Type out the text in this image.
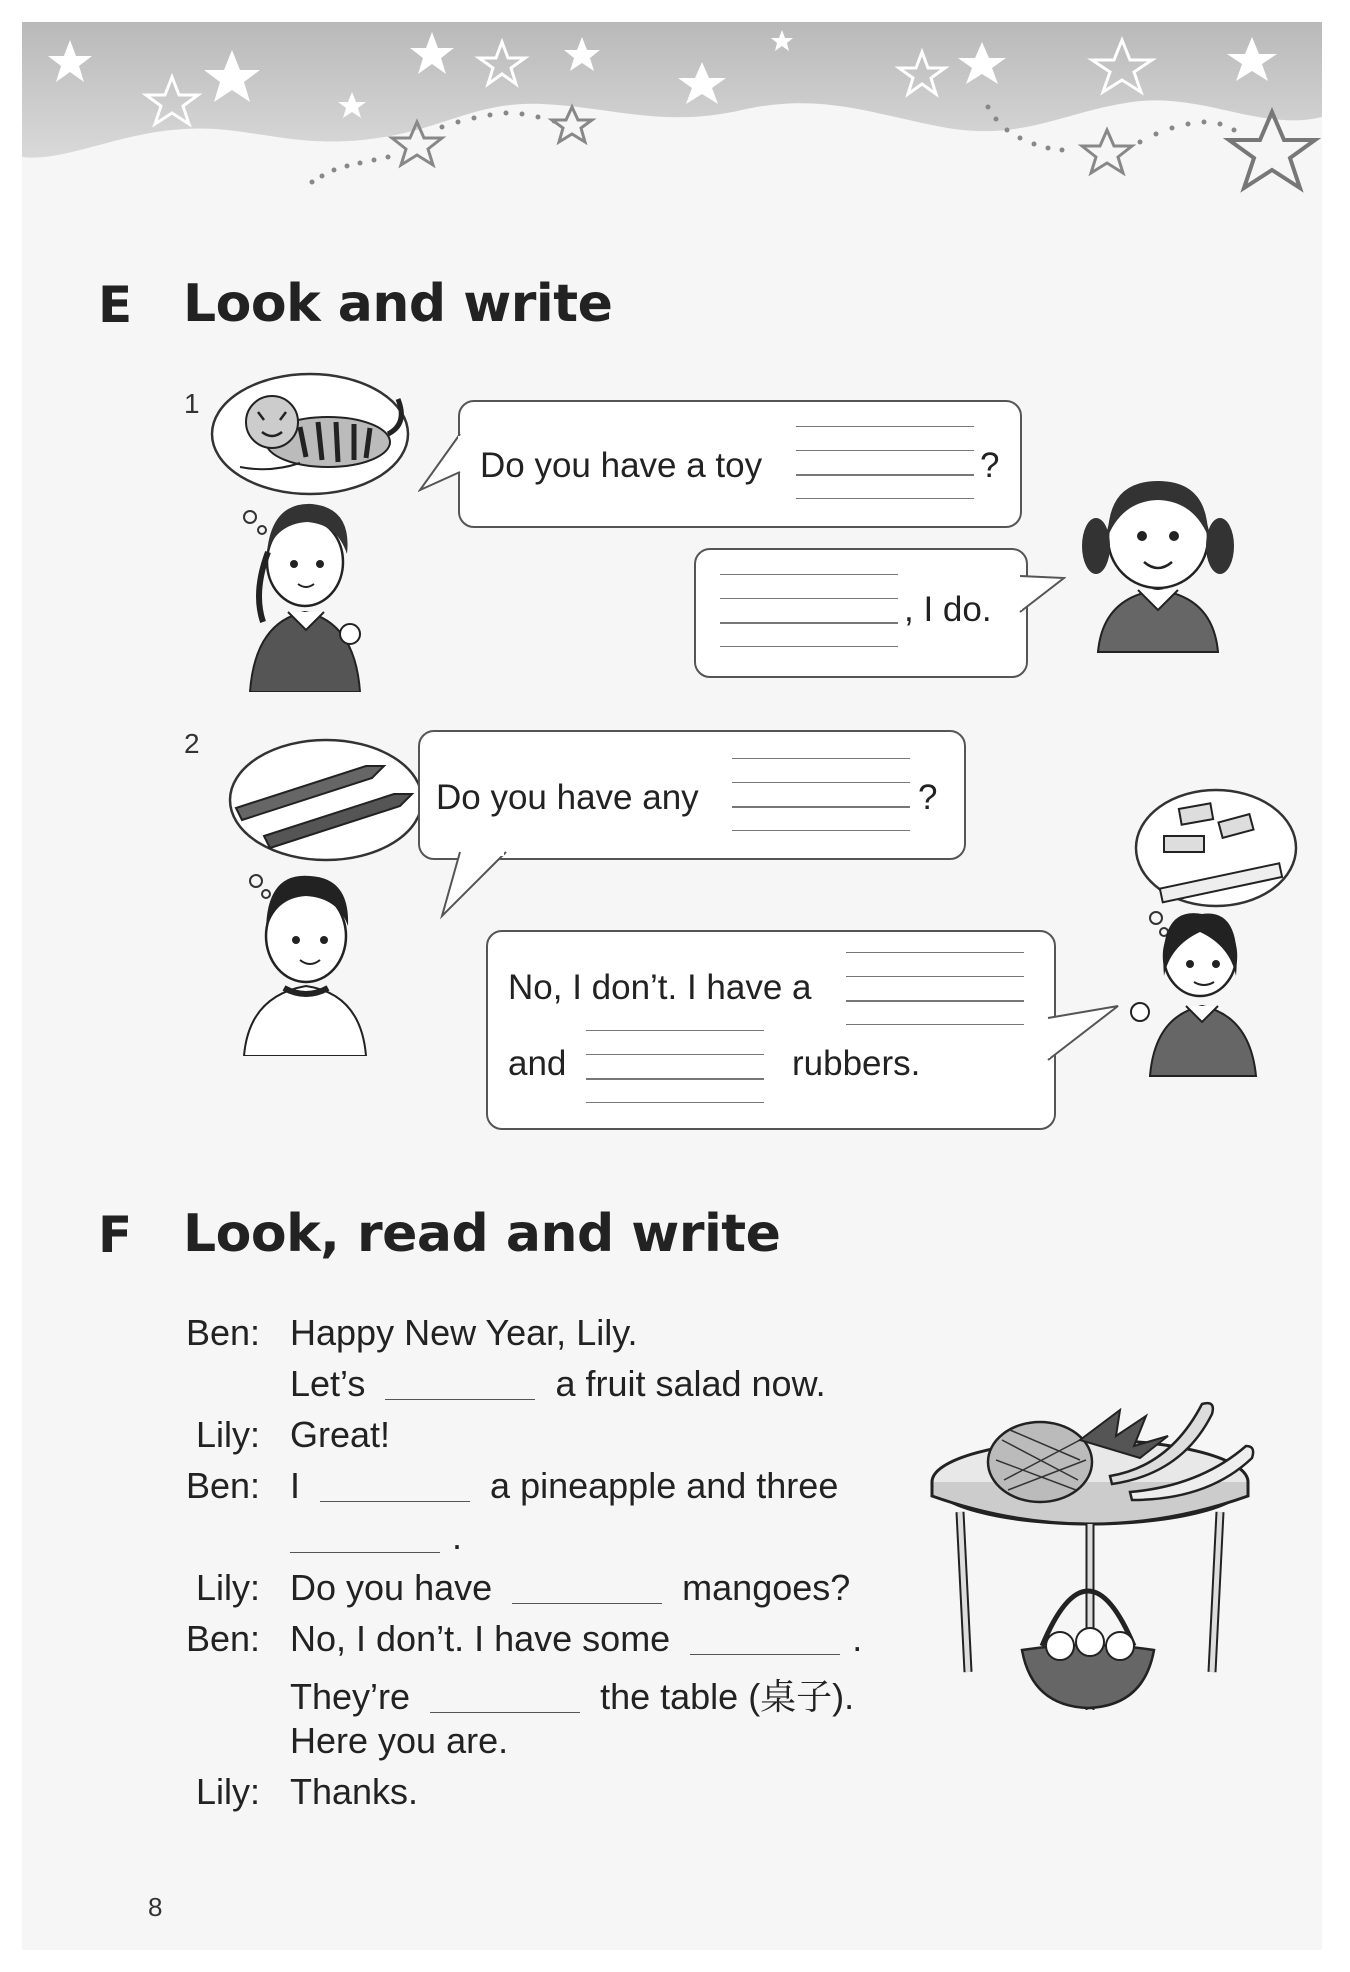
E Look and write
1
Do you have a toy	?
, I do.
2
Do you have any	?
No, I don’t. I have a
and	rubbers.
F Look, read and write
Ben: Happy New Year, Lily.
Let’s	a fruit salad now.
Lily: Great!
Ben: I	a pineapple and three
.
Lily: Do you have	mangoes?
Ben: No, I don’t. I have some	.
They’re	the table (桌子).
Here you are.
Lily: Thanks.
8
